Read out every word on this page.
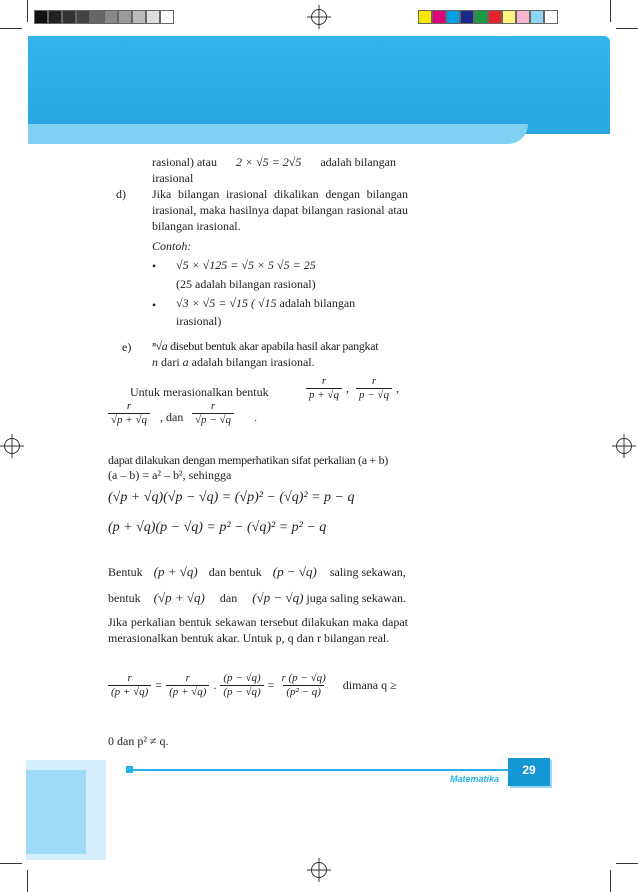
rasional) atau 2 × √5 = 2√5 adalah bilangan
irasional
d) Jika bilangan irasional dikalikan dengan bilangan irasional, maka hasilnya dapat bilangan rasional atau bilangan irasional.
Contoh:
• √5 × √125 = √5 × 5 √5 = 25
(25 adalah bilangan rasional)
• √3 × √5 = √15 ( √15 adalah bilangan
irasional)
e) ⁿ√a disebut bentuk akar apabila hasil akar pangkat
n dari a adalah bilangan irasional.
Untuk merasionalkan bentuk	$\frac{r}{p + √q}$ , $\frac{r}{p - √q}$ ,
$\frac{r}{√p + √q}$ , dan $\frac{r}{√p - √q}$ .
dapat dilakukan dengan memperhatikan sifat perkalian (a + b)
(a – b) = a² – b², sehingga
(√p + √q)(√p − √q) = (√p)² − (√q)² = p − q
(p + √q)(p − √q) = p² − (√q)² = p² − q
Bentuk (p + √q) dan bentuk (p − √q) saling sekawan,
bentuk (√p + √q) dan (√p − √q) juga saling sekawan.
Jika perkalian bentuk sekawan tersebut dilakukan maka dapat merasionalkan bentuk akar. Untuk p, q dan r bilangan real.
$\frac{r}{(p + √q)} = \frac{r}{(p + √q)}$ . $\frac{(p - √q)}{(p - √q)} = \frac{r (p - √q)}{\text{(p² − q)}}$ dimana q ≥
0 dan p² ≠ q.
Matematika
29
